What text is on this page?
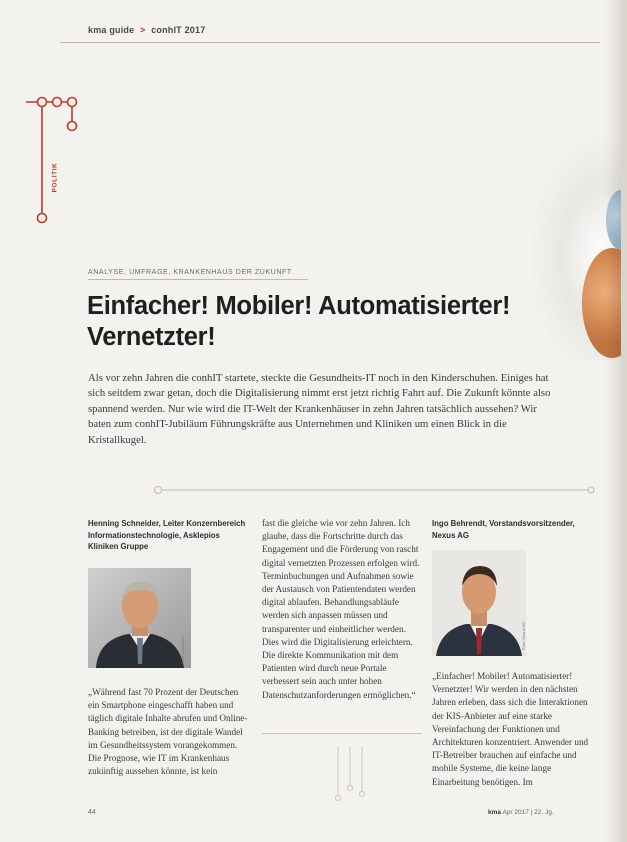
kma guide > conhIT 2017
POLITIK
ANALYSE, UMFRAGE, KRANKENHAUS DER ZUKUNFT
Einfacher! Mobiler! Automatisierter! Vernetzter!
Als vor zehn Jahren die conhIT startete, steckte die Gesundheits-IT noch in den Kinderschuhen. Einiges hat sich seitdem zwar getan, doch die Digitalisierung nimmt erst jetzt richtig Fahrt auf. Die Zukunft könnte also spannend werden. Nur wie wird die IT-Welt der Krankenhäuser in zehn Jahren tatsächlich aussehen? Wir baten zum conhIT-Jubiläum Führungskräfte aus Unternehmen und Kliniken um einen Blick in die Kristallkugel.
Henning Schneider, Leiter Konzernbereich Informationstechnologie, Asklepios Kliniken Gruppe
Foto: Asklepios

„Während fast 70 Prozent der Deutschen ein Smartphone eingeschafft haben und täglich digitale Inhalte abrufen und Online-Banking betreiben, ist der digitale Wandel im Gesundheitssystem vorangekommen. Die Prognose, wie IT im Krankenhaus zukünftig aussehen könnte, ist kein

fast die gleiche wie vor zehn Jahren. Ich glaube, dass die Fortschritte durch das Engagement und die Förderung von rascht digital vernetzten Prozessen erfolgen wird. Terminbuchungen und Aufnahmen sowie der Austausch von Patientendaten werden digital ablaufen. Behandlungsabläufe werden sich anpassen müssen und transparenter und einheitlicher werden. Dies wird die Digitalisierung erleichtern. Die direkte Kommunikation mit dem Patienten wird durch neue Portale verbessert sein auch unter hohen Datenschutzanforderungen ermöglichen.“

Ingo Behrendt, Vorstandsvorsitzender, Nexus AG
Foto: Nexus AG

„Einfacher! Mobiler! Automatisierter! Vernetzter! Wir werden in den nächsten Jahren erleben, dass sich die Interaktionen der KIS-Anbieter auf eine starke Vereinfachung der Funktionen und Architekturen konzentriert. Anwender und IT-Betreiber brauchen auf einfache und mobile Systeme, die keine lange Einarbeitung benötigen. Im

44	kma Apr 2017 | 22. Jg.
